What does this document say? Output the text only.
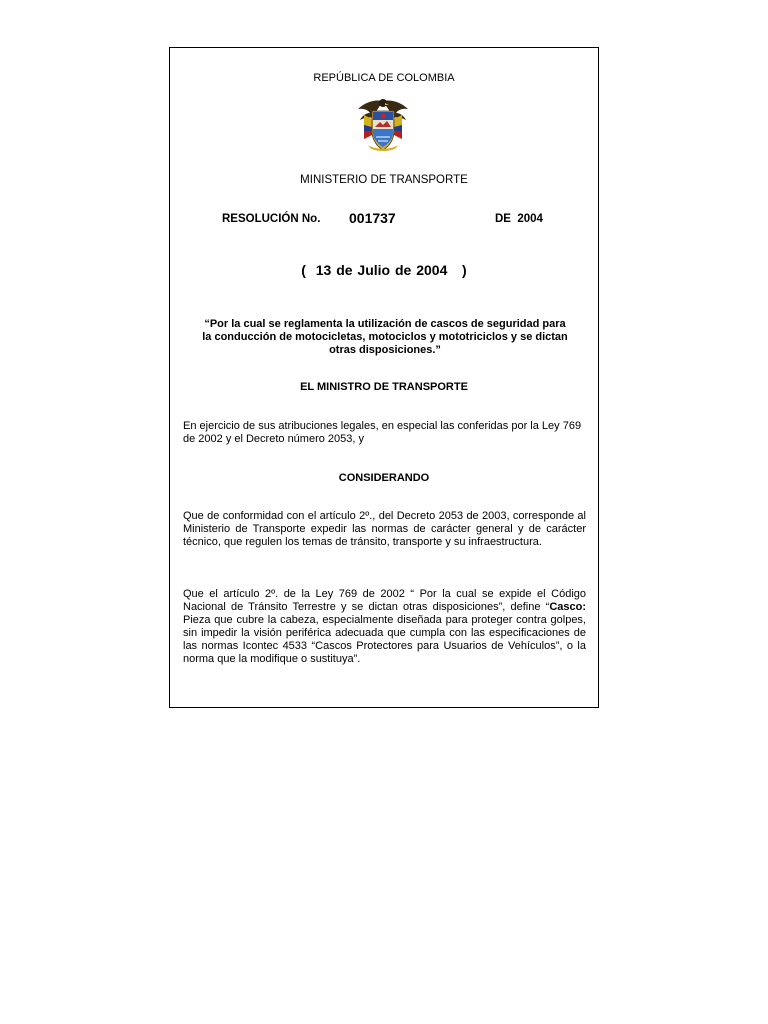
REPÚBLICA DE COLOMBIA
MINISTERIO DE TRANSPORTE
RESOLUCIÓN No. 001737	DE  2004
(  13 de Julio de 2004   )
“Por la cual se reglamenta la utilización de cascos de seguridad para la conducción de motocicletas, motociclos y mototriciclos y se dictan otras disposiciones.”
EL MINISTRO DE TRANSPORTE
En ejercicio de sus atribuciones legales, en especial las conferidas por la Ley 769 de 2002 y el Decreto número 2053, y
CONSIDERANDO
Que de conformidad con el artículo 2º., del Decreto 2053 de 2003, corresponde al Ministerio de Transporte expedir las normas de carácter general y de carácter técnico, que regulen los temas de tránsito, transporte y su infraestructura.
Que el artículo 2º. de la Ley 769 de 2002 “ Por la cual se expide el Código Nacional de Tránsito Terrestre y se dictan otras disposiciones”, define “Casco: Pieza que cubre la cabeza, especialmente diseñada para proteger contra golpes, sin impedir la visión periférica adecuada que cumpla con las especificaciones de las normas Icontec 4533 “Cascos Protectores para Usuarios de Vehículos”, o la norma que la modifique o sustituya”.
